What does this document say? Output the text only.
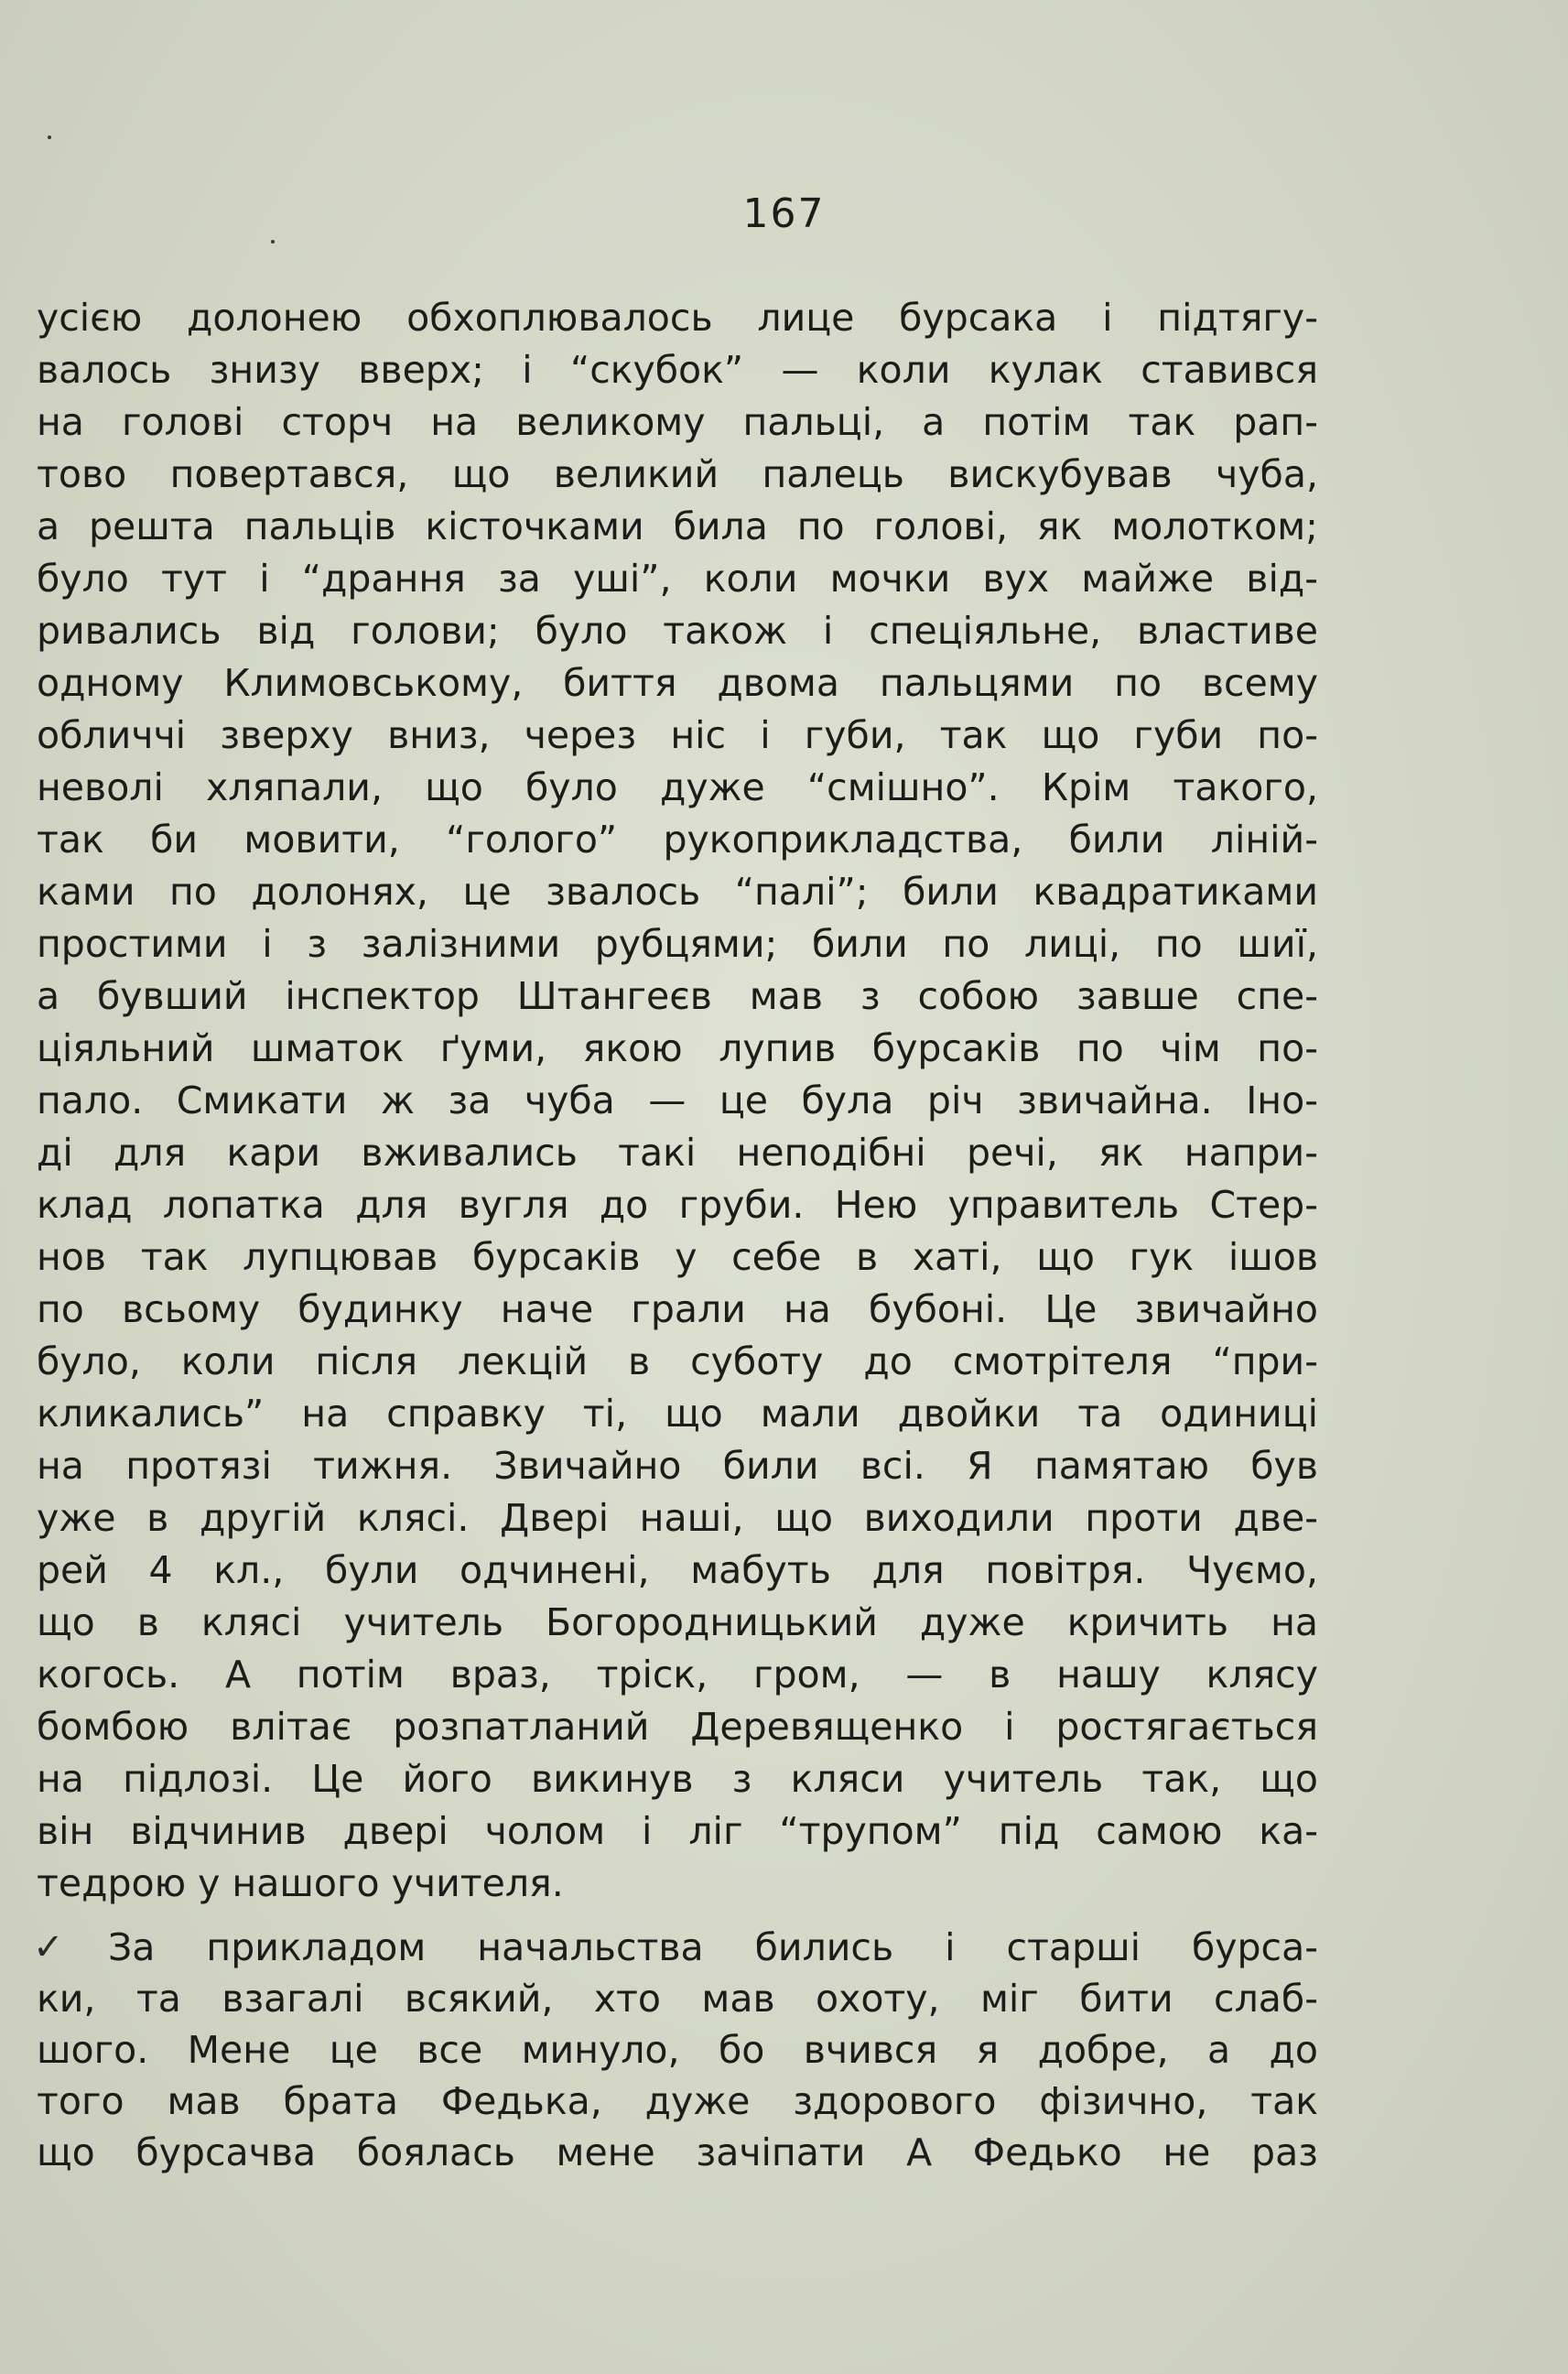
167
усією долонею обхоплювалось лице бурсака і підтягу-
валось знизу вверх; і “скубок” — коли кулак ставився
на голові сторч на великому пальці, а потім так рап-
тово повертався, що великий палець вискубував чуба,
а решта пальців кісточками била по голові, як молотком;
було тут і “драння за уші”, коли мочки вух майже від-
ривались від голови; було також і спеціяльне, властиве
одному Климовському, биття двома пальцями по всему
обличчі зверху вниз, через ніс і губи, так що губи по-
неволі хляпали, що було дуже “смішно”. Крім такого,
так би мовити, “голого” рукоприкладства, били ліній-
ками по долонях, це звалось “палі”; били квадратиками
простими і з залізними рубцями; били по лиці, по шиї,
а бувший інспектор Штангеєв мав з собою завше спе-
ціяльний шматок ґуми, якою лупив бурсаків по чім по-
пало. Смикати ж за чуба — це була річ звичайна. Іно-
ді для кари вживались такі неподібні речі, як напри-
клад лопатка для вугля до груби. Нею управитель Стер-
нов так лупцював бурсаків у себе в хаті, що гук ішов
по всьому будинку наче грали на бубоні. Це звичайно
було, коли після лекцій в суботу до смотрітеля “при-
кликались” на справку ті, що мали двойки та одиниці
на протязі тижня. Звичайно били всі. Я памятаю був
уже в другій клясі. Двері наші, що виходили проти две-
рей 4 кл., були одчинені, мабуть для повітря. Чуємо,
що в клясі учитель Богородницький дуже кричить на
когось. А потім враз, тріск, гром, — в нашу клясу
бомбою влітає розпатланий Деревященко і ростягається
на підлозі. Це його викинув з кляси учитель так, що
він відчинив двері чолом і ліг “трупом” під самою ка-
тедрою у нашого учителя.
✓ За прикладом начальства бились і старші бурса-
ки, та взагалі всякий, хто мав охоту, міг бити слаб-
шого. Мене це все минуло, бо вчився я добре, а до
того мав брата Федька, дуже здорового фізично, так
що бурсачва боялась мене зачіпати А Федько не раз
